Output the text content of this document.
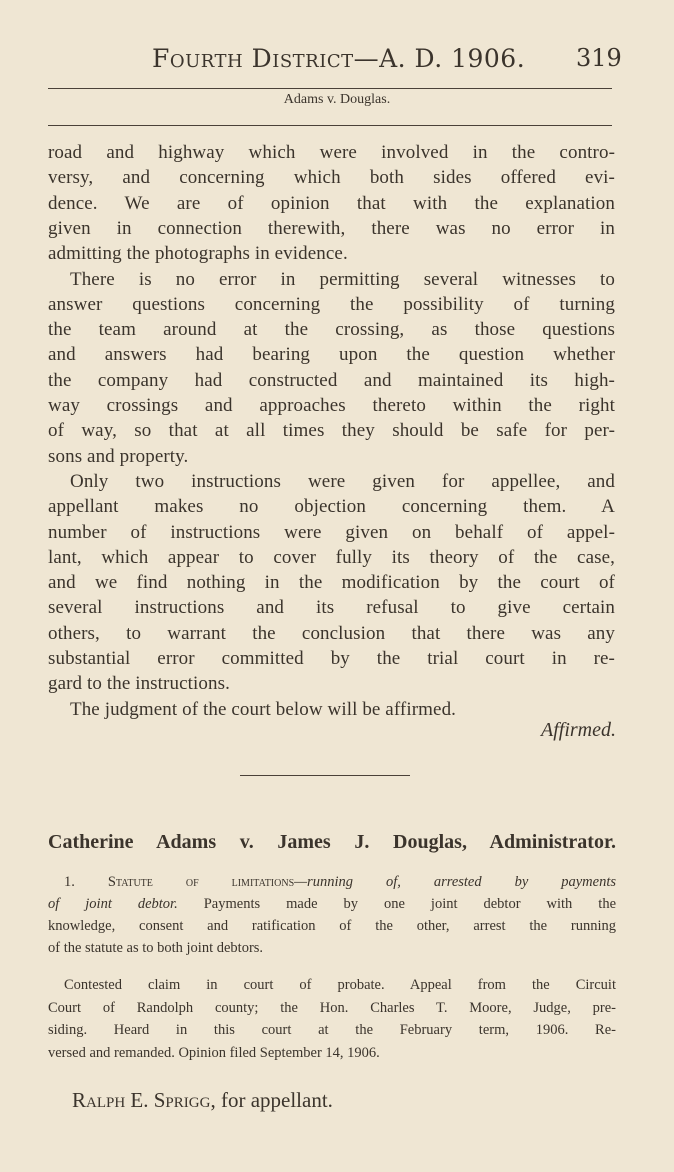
Fourth District—A. D. 1906. 319
Adams v. Douglas.
road and highway which were involved in the contro-
versy, and concerning which both sides offered evi-
dence. We are of opinion that with the explanation
given in connection therewith, there was no error in
admitting the photographs in evidence.
There is no error in permitting several witnesses to
answer questions concerning the possibility of turning
the team around at the crossing, as those questions
and answers had bearing upon the question whether
the company had constructed and maintained its high-
way crossings and approaches thereto within the right
of way, so that at all times they should be safe for per-
sons and property.
Only two instructions were given for appellee, and
appellant makes no objection concerning them. A
number of instructions were given on behalf of appel-
lant, which appear to cover fully its theory of the case,
and we find nothing in the modification by the court of
several instructions and its refusal to give certain
others, to warrant the conclusion that there was any
substantial error committed by the trial court in re-
gard to the instructions.
The judgment of the court below will be affirmed.
Affirmed.
Catherine Adams v. James J. Douglas, Administrator.
1. Statute of limitations—running of, arrested by payments
of joint debtor. Payments made by one joint debtor with the
knowledge, consent and ratification of the other, arrest the running
of the statute as to both joint debtors.
Contested claim in court of probate. Appeal from the Circuit
Court of Randolph county; the Hon. Charles T. Moore, Judge, pre-
siding. Heard in this court at the February term, 1906. Re-
versed and remanded. Opinion filed September 14, 1906.
Ralph E. Sprigg, for appellant.
